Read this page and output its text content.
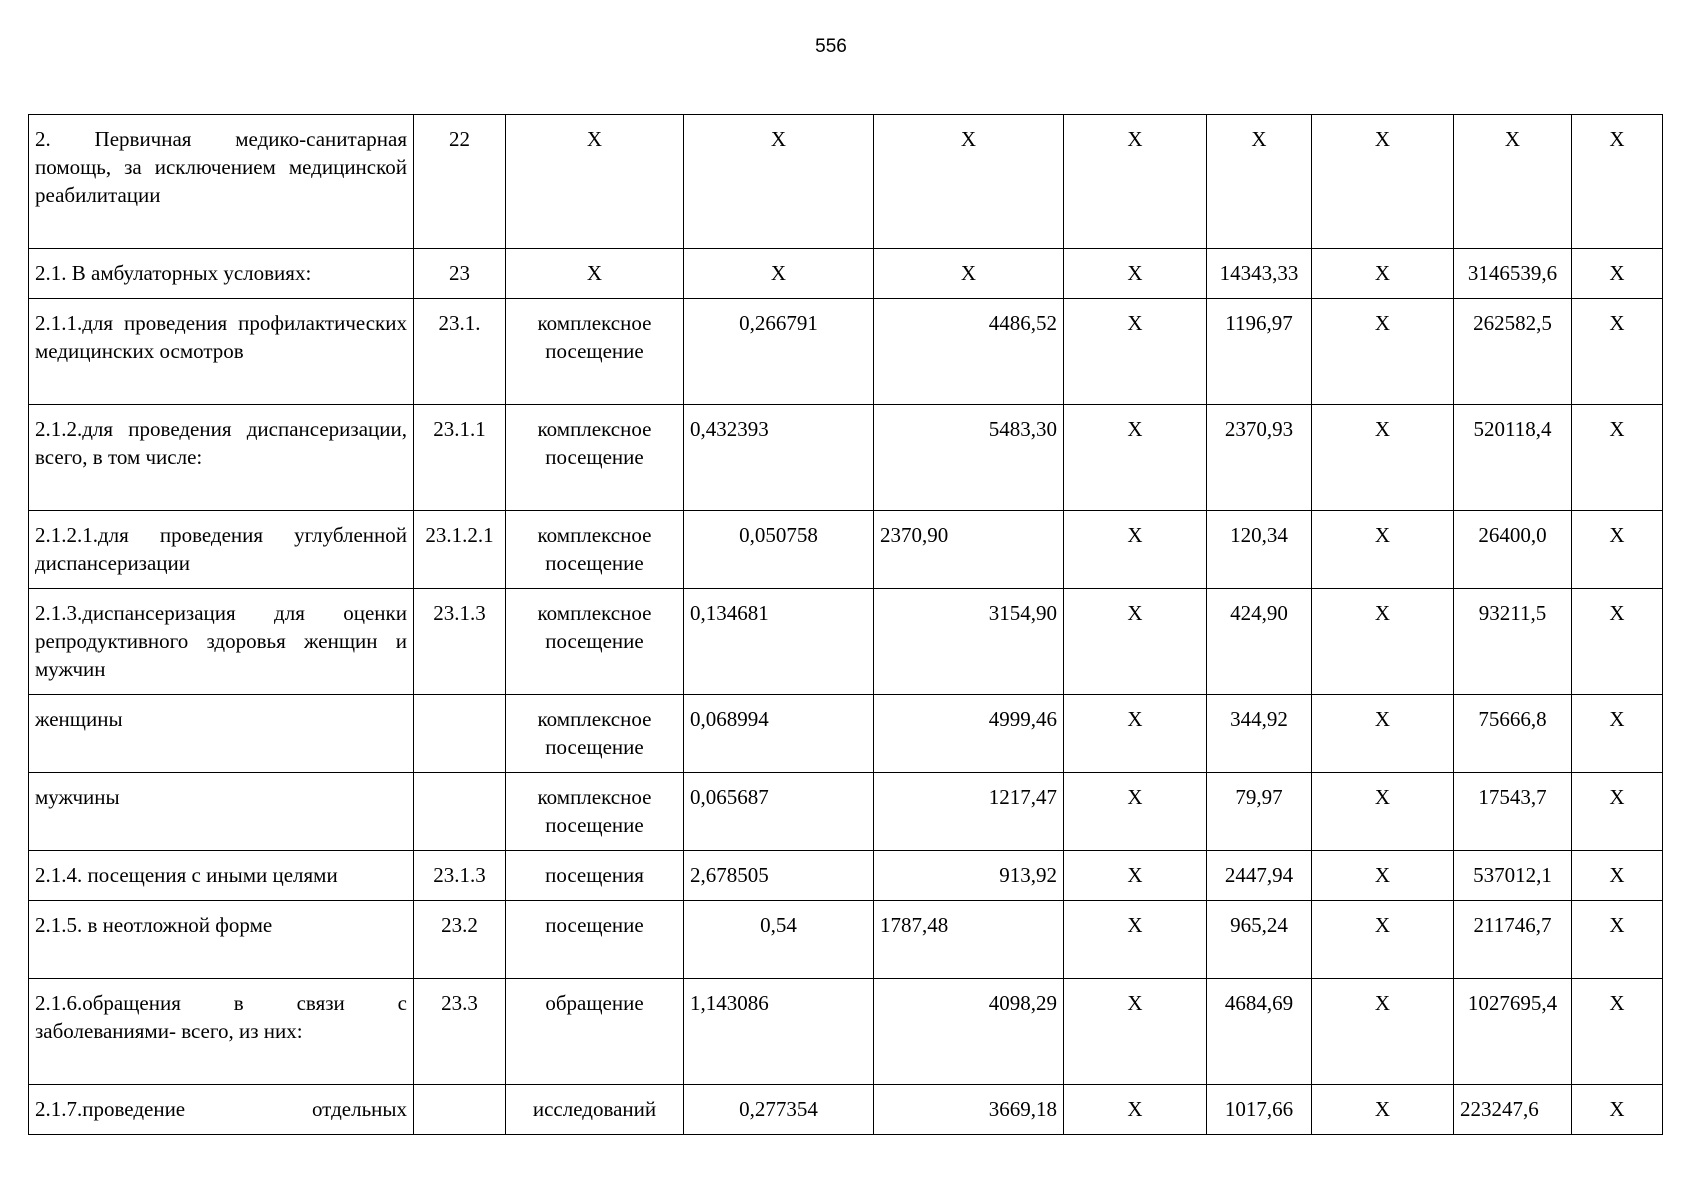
556
2. Первичная медико-санитарная помощь, за исключением медицинской реабилитации	22	Х	Х	Х	Х	Х	Х	Х	Х
2.1. В амбулаторных условиях:	23	Х	Х	Х	Х	14343,33	Х	3146539,6	Х
2.1.1.для проведения профилактических медицинских осмотров	23.1.	комплексное посещение	0,266791	4486,52	Х	1196,97	Х	262582,5	Х
2.1.2.для проведения диспансеризации, всего, в том числе:	23.1.1	комплексное посещение	0,432393	5483,30	Х	2370,93	Х	520118,4	Х
2.1.2.1.для проведения углубленной диспансеризации	23.1.2.1	комплексное посещение	0,050758	2370,90	Х	120,34	Х	26400,0	Х
2.1.3.диспансеризация для оценки репродуктивного здоровья женщин и мужчин	23.1.3	комплексное посещение	0,134681	3154,90	Х	424,90	Х	93211,5	Х
женщины		комплексное посещение	0,068994	4999,46	Х	344,92	Х	75666,8	Х
мужчины		комплексное посещение	0,065687	1217,47	Х	79,97	Х	17543,7	Х
2.1.4. посещения с иными целями	23.1.3	посещения	2,678505	913,92	Х	2447,94	Х	537012,1	Х
2.1.5. в неотложной форме	23.2	посещение	0,54	1787,48	Х	965,24	Х	211746,7	Х
2.1.6.обращения в связи с заболеваниями- всего, из них:	23.3	обращение	1,143086	4098,29	Х	4684,69	Х	1027695,4	Х
2.1.7.проведение отдельных		исследований	0,277354	3669,18	Х	1017,66	Х	223247,6	Х
